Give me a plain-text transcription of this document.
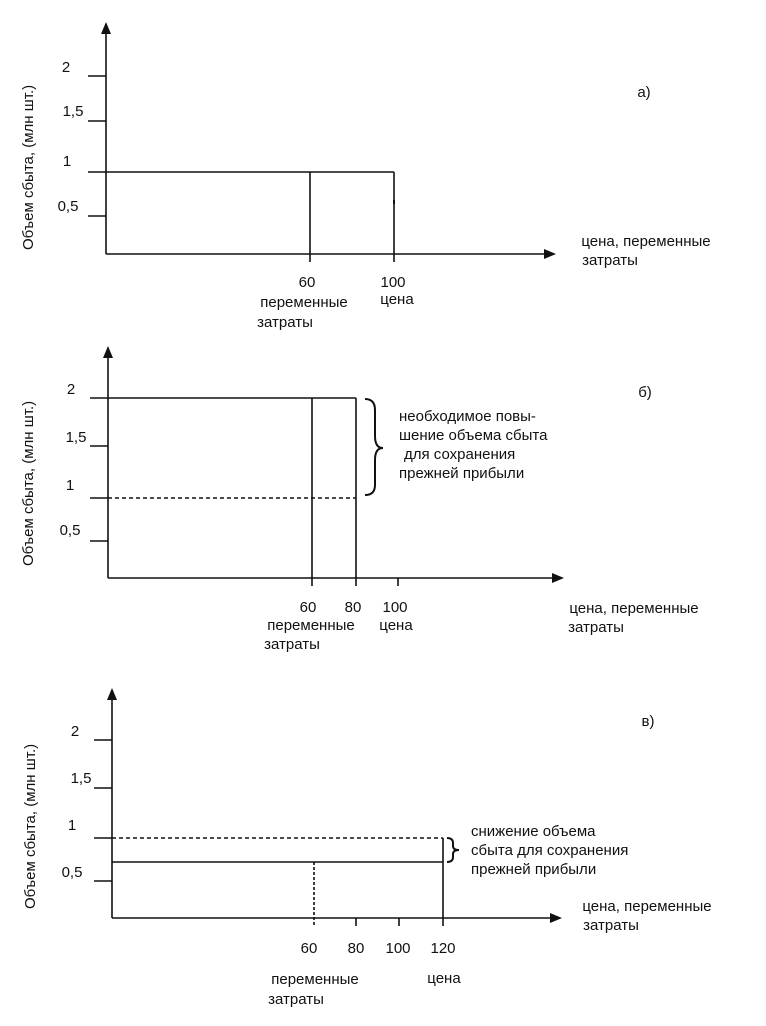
Объем сбыта, (млн шт.)
2
1,5
1
0,5
а)
цена, переменные
затраты
60	100
переменные
затраты
цена
Объем сбыта, (млн шт.)
2
1,5
1
0,5
б)
необходимое повы-
шение объема сбыта
для сохранения
прежней прибыли
60 80 100	цена, переменные
затраты
переменные
затраты
цена
Объем сбыта, (млн шт.)
2
1,5
1
0,5
в)
снижение объема
сбыта для сохранения
прежней прибыли
цена, переменные
затраты
60 80 100 120
переменные
затраты
цена
